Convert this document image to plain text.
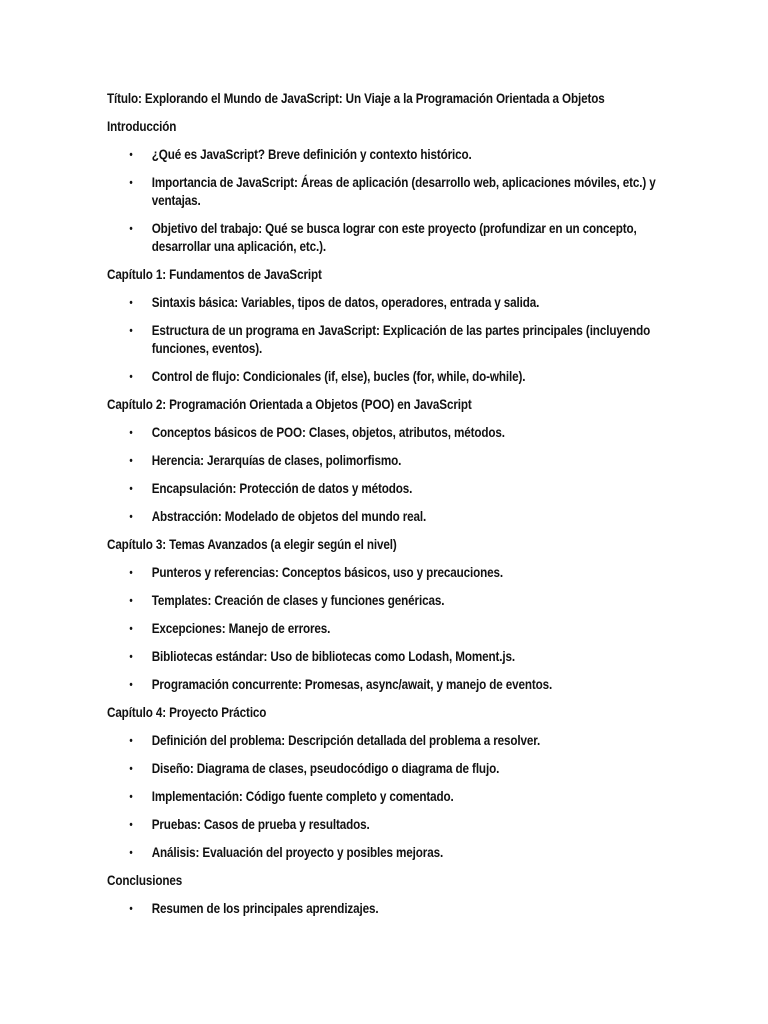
Título: Explorando el Mundo de JavaScript: Un Viaje a la Programación Orientada a Objetos
Introducción
• ¿Qué es JavaScript? Breve definición y contexto histórico.
• Importancia de JavaScript: Áreas de aplicación (desarrollo web, aplicaciones móviles, etc.) y ventajas.
• Objetivo del trabajo: Qué se busca lograr con este proyecto (profundizar en un concepto, desarrollar una aplicación, etc.).
Capítulo 1: Fundamentos de JavaScript
• Sintaxis básica: Variables, tipos de datos, operadores, entrada y salida.
• Estructura de un programa en JavaScript: Explicación de las partes principales (incluyendo funciones, eventos).
• Control de flujo: Condicionales (if, else), bucles (for, while, do-while).
Capítulo 2: Programación Orientada a Objetos (POO) en JavaScript
• Conceptos básicos de POO: Clases, objetos, atributos, métodos.
• Herencia: Jerarquías de clases, polimorfismo.
• Encapsulación: Protección de datos y métodos.
• Abstracción: Modelado de objetos del mundo real.
Capítulo 3: Temas Avanzados (a elegir según el nivel)
• Punteros y referencias: Conceptos básicos, uso y precauciones.
• Templates: Creación de clases y funciones genéricas.
• Excepciones: Manejo de errores.
• Bibliotecas estándar: Uso de bibliotecas como Lodash, Moment.js.
• Programación concurrente: Promesas, async/await, y manejo de eventos.
Capítulo 4: Proyecto Práctico
• Definición del problema: Descripción detallada del problema a resolver.
• Diseño: Diagrama de clases, pseudocódigo o diagrama de flujo.
• Implementación: Código fuente completo y comentado.
• Pruebas: Casos de prueba y resultados.
• Análisis: Evaluación del proyecto y posibles mejoras.
Conclusiones
• Resumen de los principales aprendizajes.
